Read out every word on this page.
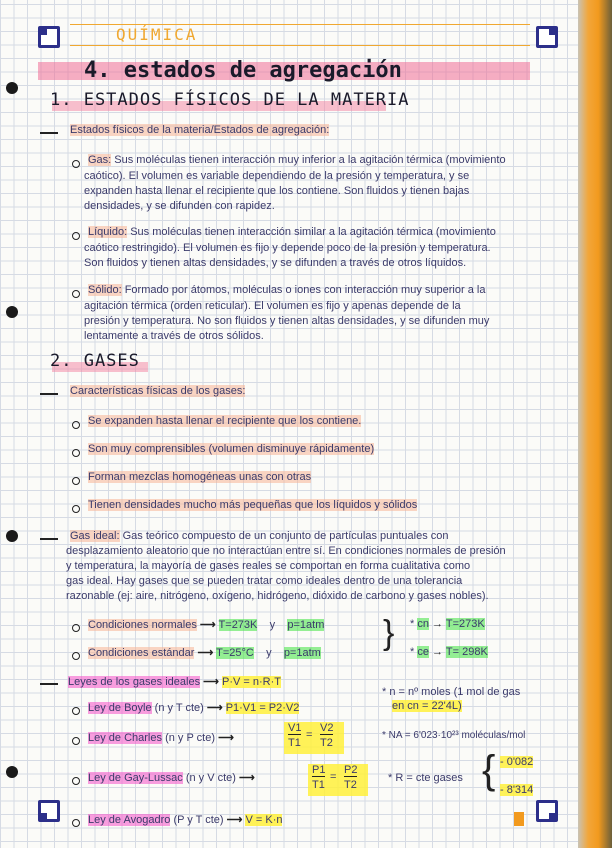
QUÍMICA
4. estados de agregación
1. ESTADOS FÍSICOS DE LA MATERIA
Estados físicos de la materia/Estados de agregación:
Gas: Sus moléculas tienen interacción muy inferior a la agitación térmica (movimiento
caótico). El volumen es variable dependiendo de la presión y temperatura, y se
expanden hasta llenar el recipiente que los contiene. Son fluidos y tienen bajas
densidades, y se difunden con rapidez.
Líquido: Sus moléculas tienen interacción similar a la agitación térmica (movimiento
caótico restringido). El volumen es fijo y depende poco de la presión y temperatura.
Son fluidos y tienen altas densidades, y se difunden a través de otros líquidos.
Sólido: Formado por átomos, moléculas o iones con interacción muy superior a la
agitación térmica (orden reticular). El volumen es fijo y apenas depende de la
presión y temperatura. No son fluidos y tienen altas densidades, y se difunden muy
lentamente a través de otros sólidos.
2. GASES
Características físicas de los gases:
Se expanden hasta llenar el recipiente que los contiene.
Son muy comprensibles (volumen disminuye rápidamente)
Forman mezclas homogéneas unas con otras
Tienen densidades mucho más pequeñas que los líquidos y sólidos
Gas ideal: Gas teórico compuesto de un conjunto de partículas puntuales con
desplazamiento aleatorio que no interactúan entre sí. En condiciones normales de presión
y temperatura, la mayoría de gases reales se comportan en forma cualitativa como
gas ideal. Hay gases que se pueden tratar como ideales dentro de una tolerancia
razonable (ej: aire, nitrógeno, oxígeno, hidrógeno, dióxido de carbono y gases nobles).
Condiciones normales ⟶ T=273K y p=1atm
Condiciones estándar ⟶ T=25°C y p=1atm
} * cn → T=273K
* ce → T= 298K
Leyes de los gases ideales ⟶ P·V = n·R·T
Ley de Boyle (n y T cte) ⟶ P1·V1 = P2·V2
Ley de Charles (n y P cte) ⟶
V1
T1
=
V2
T2
Ley de Gay-Lussac (n y V cte) ⟶
P1
T1
=
P2
T2
Ley de Avogadro (P y T cte) ⟶ V = K·n
* n = nº moles (1 mol de gas
en cn = 22'4L)
* NA = 6'023·10²³ moléculas/mol
* R = cte gases { - 0'082
- 8'314
